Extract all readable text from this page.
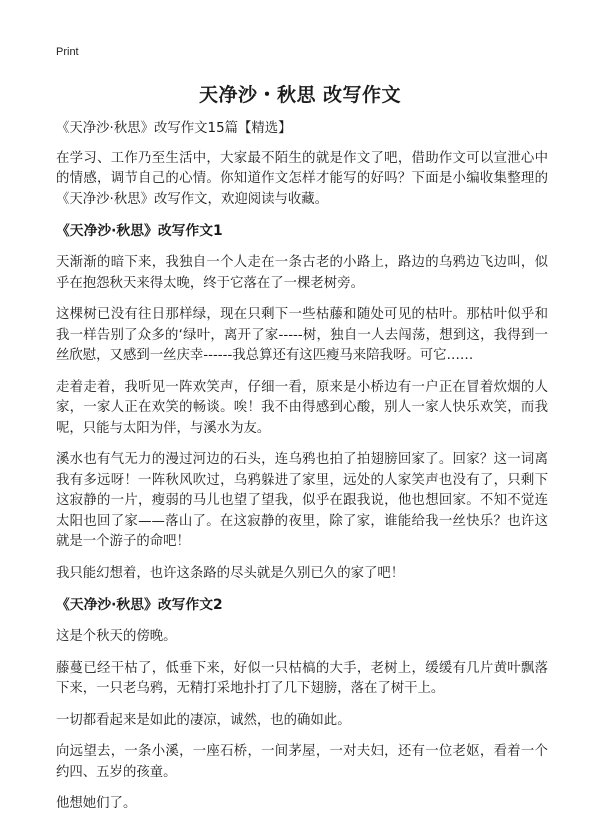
Print
天净沙・秋思 改写作文

《天净沙·秋思》改写作文15篇【精选】

在学习、工作乃至生活中，大家最不陌生的就是作文了吧，借助作文可以宣泄心中的情感，调节自己的心情。你知道作文怎样才能写的好吗？下面是小编收集整理的《天净沙·秋思》改写作文，欢迎阅读与收藏。

《天净沙·秋思》改写作文1

天渐渐的暗下来，我独自一个人走在一条古老的小路上，路边的乌鸦边飞边叫，似乎在抱怨秋天来得太晚，终于它落在了一棵老树旁。

这棵树已没有往日那样绿，现在只剩下一些枯藤和随处可见的枯叶。那枯叶似乎和我一样告别了众多的‘绿叶，离开了家-----树，独自一人去闯荡，想到这，我得到一丝欣慰，又感到一丝庆幸------我总算还有这匹瘦马来陪我呀。可它……

走着走着，我听见一阵欢笑声，仔细一看，原来是小桥边有一户正在冒着炊烟的人家，一家人正在欢笑的畅谈。唉！我不由得感到心酸，别人一家人快乐欢笑，而我呢，只能与太阳为伴，与溪水为友。

溪水也有气无力的漫过河边的石头，连乌鸦也拍了拍翅膀回家了。回家？这一词离我有多远呀！一阵秋风吹过，乌鸦躲进了家里，远处的人家笑声也没有了，只剩下这寂静的一片，瘦弱的马儿也望了望我，似乎在跟我说，他也想回家。不知不觉连太阳也回了家——落山了。在这寂静的夜里，除了家，谁能给我一丝快乐？也许这就是一个游子的命吧！

我只能幻想着，也许这条路的尽头就是久别已久的家了吧！

《天净沙·秋思》改写作文2

这是个秋天的傍晚。

藤蔓已经干枯了，低垂下来，好似一只枯槁的大手，老树上，缓缓有几片黄叶飘落下来，一只老乌鸦，无精打采地扑打了几下翅膀，落在了树干上。

一切都看起来是如此的凄凉，诚然，也的确如此。

向远望去，一条小溪，一座石桥，一间茅屋，一对夫妇，还有一位老妪，看着一个约四、五岁的孩童。

他想她们了。
